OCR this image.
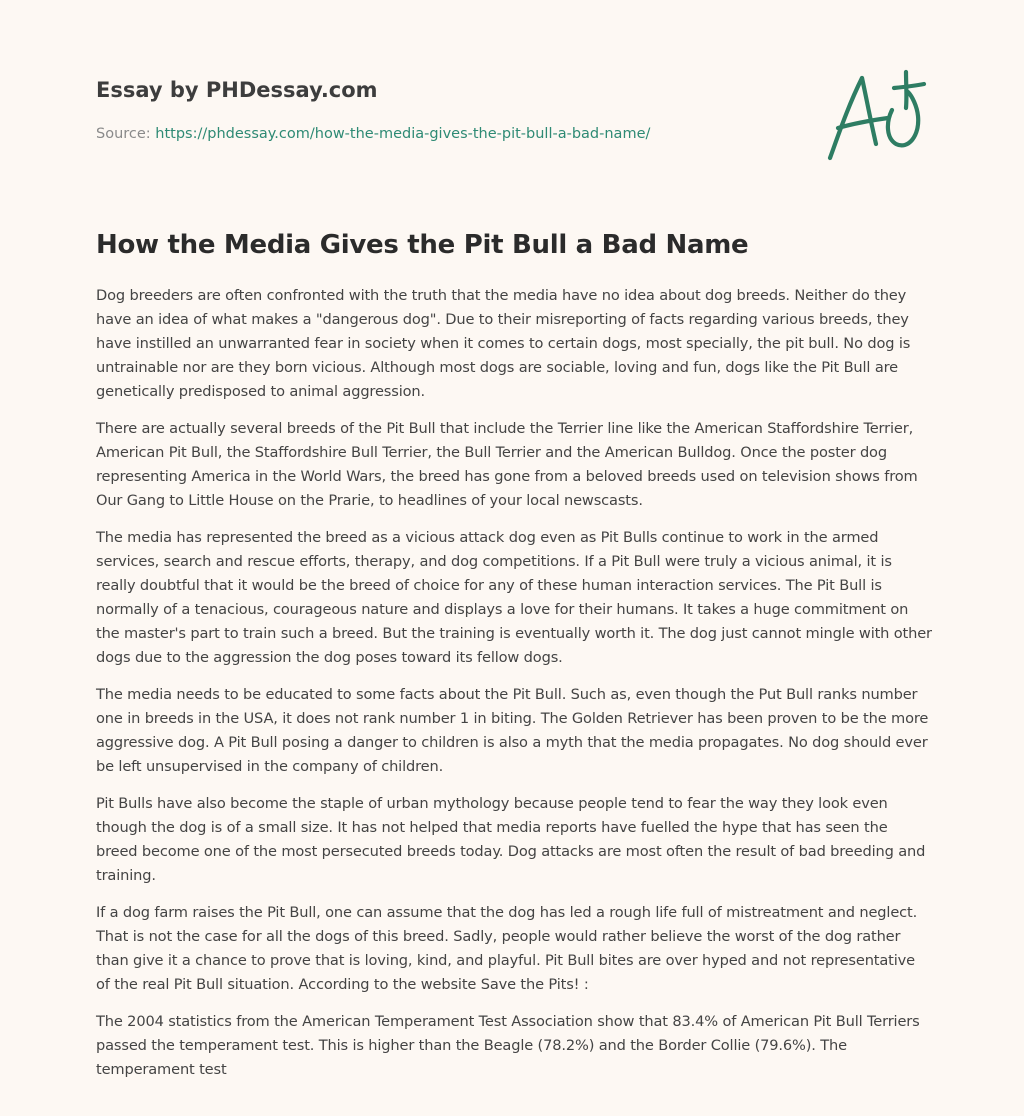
Essay by PHDessay.com
Source: https://phdessay.com/how-the-media-gives-the-pit-bull-a-bad-name/
How the Media Gives the Pit Bull a Bad Name

Dog breeders are often confronted with the truth that the media have no idea about dog breeds. Neither do they have an idea of what makes a "dangerous dog". Due to their misreporting of facts regarding various breeds, they have instilled an unwarranted fear in society when it comes to certain dogs, most specially, the pit bull. No dog is untrainable nor are they born vicious. Although most dogs are sociable, loving and fun, dogs like the Pit Bull are genetically predisposed to animal aggression.

There are actually several breeds of the Pit Bull that include the Terrier line like the American Staffordshire Terrier, American Pit Bull, the Staffordshire Bull Terrier, the Bull Terrier and the American Bulldog. Once the poster dog representing America in the World Wars, the breed has gone from a beloved breeds used on television shows from Our Gang to Little House on the Prarie, to headlines of your local newscasts.

The media has represented the breed as a vicious attack dog even as Pit Bulls continue to work in the armed services, search and rescue efforts, therapy, and dog competitions. If a Pit Bull were truly a vicious animal, it is really doubtful that it would be the breed of choice for any of these human interaction services. The Pit Bull is normally of a tenacious, courageous nature and displays a love for their humans. It takes a huge commitment on the master's part to train such a breed. But the training is eventually worth it. The dog just cannot mingle with other dogs due to the aggression the dog poses toward its fellow dogs.

The media needs to be educated to some facts about the Pit Bull. Such as, even though the Put Bull ranks number one in breeds in the USA, it does not rank number 1 in biting. The Golden Retriever has been proven to be the more aggressive dog. A Pit Bull posing a danger to children is also a myth that the media propagates. No dog should ever be left unsupervised in the company of children.

Pit Bulls have also become the staple of urban mythology because people tend to fear the way they look even though the dog is of a small size. It has not helped that media reports have fuelled the hype that has seen the breed become one of the most persecuted breeds today. Dog attacks are most often the result of bad breeding and training.

If a dog farm raises the Pit Bull, one can assume that the dog has led a rough life full of mistreatment and neglect. That is not the case for all the dogs of this breed. Sadly, people would rather believe the worst of the dog rather than give it a chance to prove that is loving, kind, and playful. Pit Bull bites are over hyped and not representative of the real Pit Bull situation. According to the website Save the Pits! :

The 2004 statistics from the American Temperament Test Association show that 83.4% of American Pit Bull Terriers passed the temperament test. This is higher than the Beagle (78.2%) and the Border Collie (79.6%). The temperament test
